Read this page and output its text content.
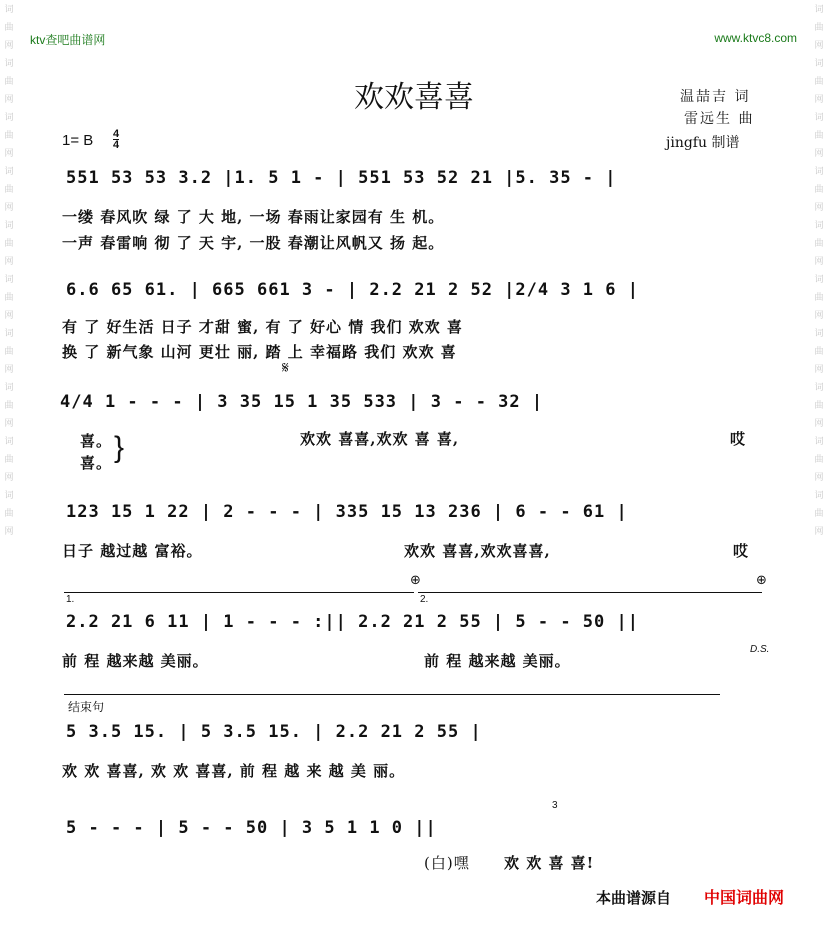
词
曲
网
词
曲
网
词
曲
网
词
曲
网
词
曲
网
词
曲
网
词
曲
网
词
曲
网
词
曲
网
词
曲
网
词
曲
网
词
曲
网
词
曲
网
词
曲
网
词
曲
网
词
曲
网
词
曲
网
词
曲
网
词
曲
网
词
曲
网
ktv查吧曲谱网	www.ktvc8.com
欢欢喜喜	温喆吉 词
雷远生 曲
jingfu 制谱
1= B 4
4
551 53 53 3.2 |1. 5 1 - | 551 53 52 21 |5. 35 - |
一缕 春风吹 绿 了 大 地, 一场 春雨让家园有 生 机。
一声 春雷响 彻 了 天 宇, 一股 春潮让风帆又 扬 起。
6.6 65 61. | 665 661 3 - | 2.2 21 2 52 |2/4 3 1 6 |
有 了 好生活 日子 才甜 蜜, 有 了 好心 情 我们 欢欢 喜
换 了 新气象 山河 更壮 丽, 踏 上 幸福路 我们 欢欢 喜
𝄋
4/4 1 - - - | 3 35 15 1 35 533 | 3 - - 32 |
喜。
喜。 }	欢欢 喜喜,欢欢 喜 喜,	哎
123 15 1 22 | 2 - - - | 335 15 13 236 | 6 - - 61 |
日子 越过越 富裕。	欢欢 喜喜,欢欢喜喜,	哎
1.	2.
⊕	⊕
2.2 21 6 11 | 1 - - - :|| 2.2 21 2 55 | 5 - - 50 ||
D.S.
前 程 越来越 美丽。	前 程 越来越 美丽。
结束句
5 3.5 15. | 5 3.5 15. | 2.2 21 2 55 |
欢 欢 喜喜, 欢 欢 喜喜, 前 程 越 来 越 美 丽。
3
5 - - - | 5 - - 50 | 3 5 1 1 0 ||
(白)嘿 欢 欢 喜 喜!
本曲谱源自 中国词曲网
